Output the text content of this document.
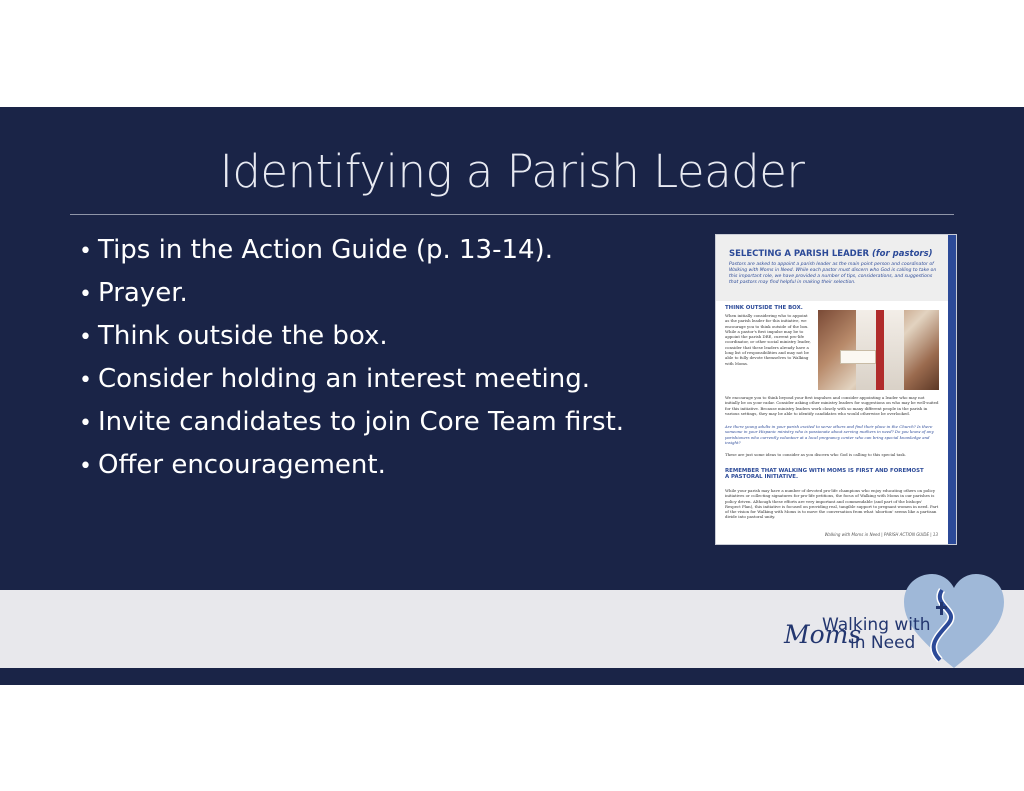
Identifying a Parish Leader
• Tips in the Action Guide (p. 13-14).
• Prayer.
• Think outside the box.
• Consider holding an interest meeting.
• Invite candidates to join Core Team first.
• Offer encouragement.
SELECTING A PARISH LEADER (for pastors)
Pastors are asked to appoint a parish leader as the main point person and coordinator of Walking with Moms in Need. While each pastor must discern who God is calling to take on this important role, we have provided a number of tips, considerations, and suggestions that pastors may find helpful in making their selection.
THINK OUTSIDE THE BOX.
When initially considering who to appoint as the parish leader for this initiative, we encourage you to think outside of the box. While a pastor's first impulse may be to appoint the parish DRE, current pro-life coordinator, or other social ministry leader, consider that these leaders already have a long list of responsibilities and may not be able to fully devote themselves to Walking with Moms.
We encourage you to think beyond your first impulses and consider appointing a leader who may not initially be on your radar. Consider asking other ministry leaders for suggestions on who may be well-suited for this initiative. Because ministry leaders work closely with so many different people in the parish in various settings, they may be able to identify candidates who would otherwise be overlooked.
Are there young adults in your parish excited to serve others and find their place in the Church? Is there someone in your Hispanic ministry who is passionate about serving mothers in need? Do you know of any parishioners who currently volunteer at a local pregnancy center who can bring special knowledge and insight?
These are just some ideas to consider as you discern who God is calling to this special task.
REMEMBER THAT WALKING WITH MOMS IS FIRST AND FOREMOST A PASTORAL INITIATIVE.
While your parish may have a number of devoted pro-life champions who enjoy educating others on policy initiatives or collecting signatures for pro-life petitions, the focus of Walking with Moms in our parishes is policy driven. Although these efforts are very important and commendable (and part of the bishops' Respect Plan), this initiative is focused on providing real, tangible support to pregnant women in need. Part of the vision for Walking with Moms is to move the conversation from what 'abortion' seems like a partisan divide into pastoral unity.
Walking with Moms in Need | PARISH ACTION GUIDE | 13
Walking with
Moms
in Need
